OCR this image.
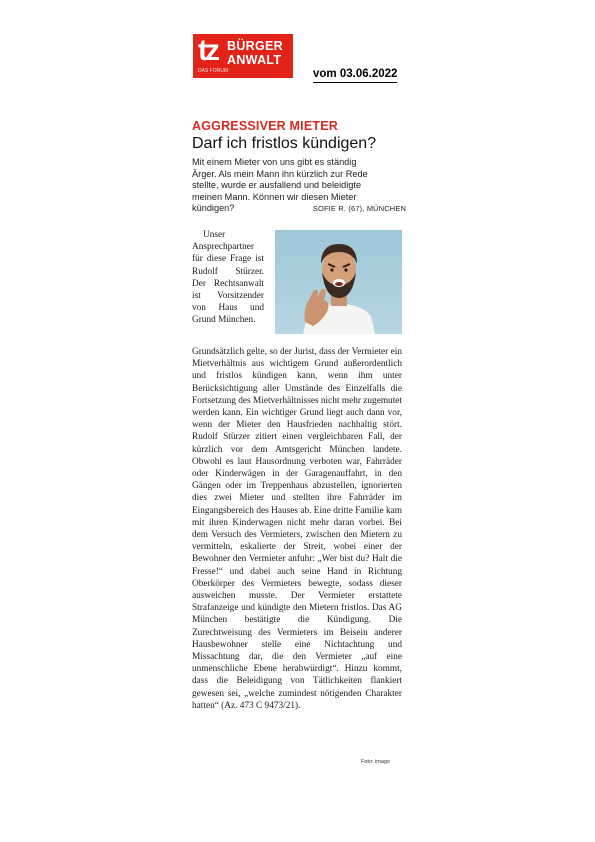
tz BÜRGER
ANWALT
DAS FORUM	vom 03.06.2022
AGGRESSIVER MIETER
Darf ich fristlos kündigen?
Mit einem Mieter von uns gibt es ständig
Ärger. Als mein Mann ihn kürzlich zur Rede
stellte, wurde er ausfallend und beleidigte
meinen Mann. Können wir diesen Mieter
kündigen?	SOFIE R. (67), MÜNCHEN

Unser Ansprechpartner für diese Frage ist Rudolf Stürzer. Der Rechtsanwalt ist Vorsitzender von Haus und Grund München.

Grundsätzlich gelte, so der Jurist, dass der Vermieter ein Mietverhältnis aus wichtigem Grund außerordentlich und fristlos kündigen kann, wenn ihm unter Berücksichtigung aller Umstände des Einzelfalls die Fortsetzung des Mietverhältnisses nicht mehr zugemutet werden kann. Ein wichtiger Grund liegt auch dann vor, wenn der Mieter den Hausfrieden nachhaltig stört. Rudolf Stürzer zitiert einen vergleichbaren Fall, der kürzlich vor dem Amtsgericht München landete. Obwohl es laut Hausordnung verboten war, Fahrräder oder Kinderwägen in der Garagenauffahrt, in den Gängen oder im Treppenhaus abzustellen, ignorierten dies zwei Mieter und stellten ihre Fahrräder im Eingangsbereich des Hauses ab. Eine dritte Familie kam mit ihren Kinderwagen nicht mehr daran vorbei. Bei dem Versuch des Vermieters, zwischen den Mietern zu vermitteln, eskalierte der Streit, wobei einer der Bewohner den Vermieter anfuhr: „Wer bist du? Halt die Fresse!“ und dabei auch seine Hand in Richtung Oberkörper des Vermieters bewegte, sodass dieser ausweichen musste. Der Vermieter erstattete Strafanzeige und kündigte den Mietern fristlos. Das AG München bestätigte die Kündigung. Die Zurechtweisung des Vermieters im Beisein anderer Hausbewohner stelle eine Nichtachtung und Missachtung dar, die den Vermieter „auf eine unmenschliche Ebene herabwürdigt“. Hinzu kommt, dass die Beleidigung von Tätlichkeiten flankiert gewesen sei, „welche zumindest nötigenden Charakter hatten“ (Az. 473 C 9473/21).

Foto: imago
